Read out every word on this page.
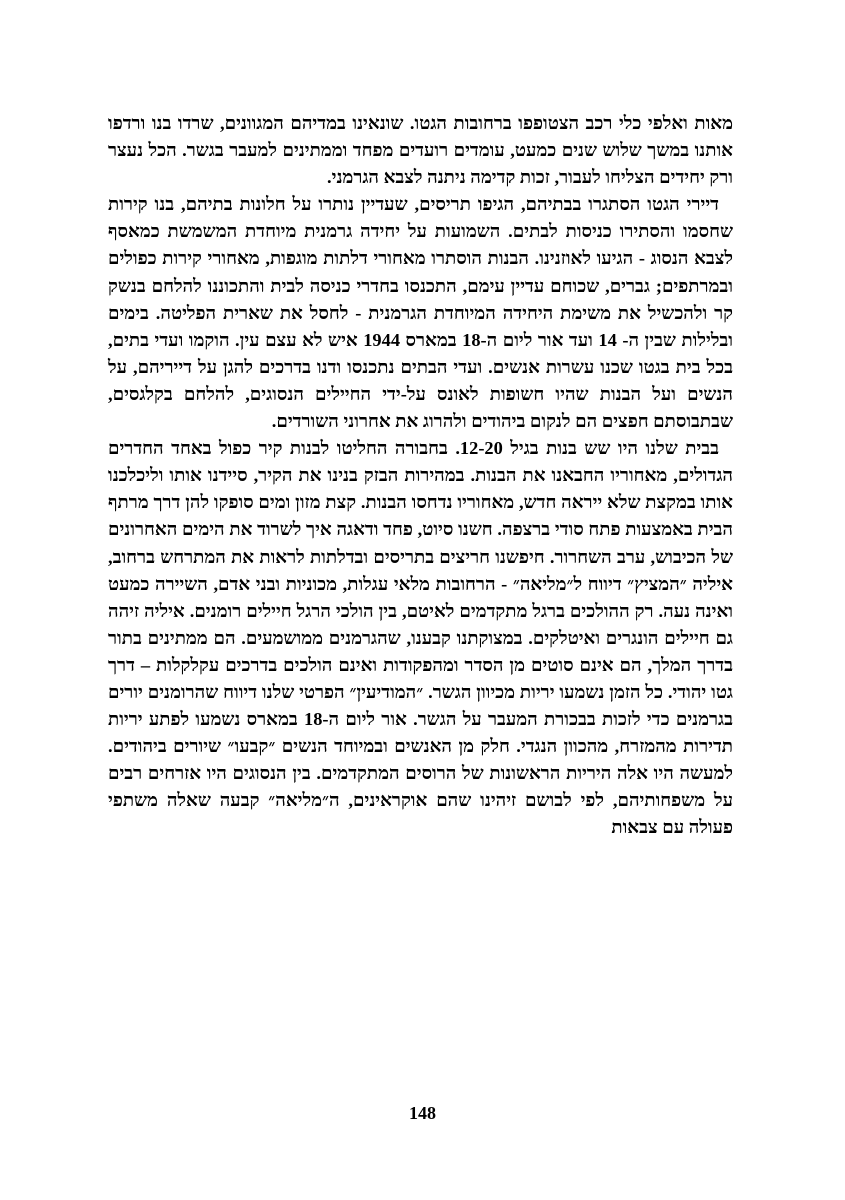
מאות ואלפי כלי רכב הצטופפו ברחובות הגטו. שונאינו במדיהם המגוונים, שרדו בנו ורדפו אותנו במשך שלוש שנים כמעט, עומדים רועדים מפחד וממתינים למעבר בגשר. הכל נעצר ורק יחידים הצליחו לעבור, זכות קדימה ניתנה לצבא הגרמני.

דיירי הגטו הסתגרו בבתיהם, הגיפו תריסים, שעדיין נותרו על חלונות בתיהם, בנו קירות שחסמו והסתירו כניסות לבתים. השמועות על יחידה גרמנית מיוחדת המשמשת כמאסף לצבא הנסוג - הגיעו לאוזנינו. הבנות הוסתרו מאחורי דלתות מוגפות, מאחורי קירות כפולים ובמרתפים; גברים, שכוחם עדיין עימם, התכנסו בחדרי כניסה לבית והתכוננו להלחם בנשק קר ולהכשיל את משימת היחידה המיוחדת הגרמנית - לחסל את שארית הפליטה. בימים ובלילות שבין ה- 14 ועד אור ליום ה-18 במארס 1944 איש לא עצם עין. הוקמו ועדי בתים, בכל בית בגטו שכנו עשרות אנשים. ועדי הבתים נתכנסו ודנו בדרכים להגן על דייריהם, על הנשים ועל הבנות שהיו חשופות לאונס על-ידי החיילים הנסוגים, להלחם בקלגסים, שבתבוסתם חפצים הם לנקום ביהודים ולהרוג את אחרוני השורדים.

בבית שלנו היו שש בנות בגיל 12-20. בחבורה החליטו לבנות קיר כפול באחד החדרים הגדולים, מאחוריו החבאנו את הבנות. במהירות הבזק בנינו את הקיר, סיידנו אותו וליכלכנו אותו במקצת שלא ייראה חדש, מאחוריו נדחסו הבנות. קצת מזון ומים סופקו להן דרך מרתף הבית באמצעות פתח סודי ברצפה. חשנו סיוט, פחד ודאגה איך לשרוד את הימים האחרונים של הכיבוש, ערב השחרור. חיפשנו חריצים בתריסים ובדלתות לראות את המתרחש ברחוב, איליה ״המציץ״ דיווח ל״מליאה״ - הרחובות מלאי עגלות, מכוניות ובני אדם, השיירה כמעט ואינה נעה. רק ההולכים ברגל מתקדמים לאיטם, בין הולכי הרגל חיילים רומנים. איליה זיהה גם חיילים הונגרים ואיטלקים. במצוקתנו קבענו, שהגרמנים ממושמעים. הם ממתינים בתור בדרך המלך, הם אינם סוטים מן הסדר ומהפקודות ואינם הולכים בדרכים עקלקלות – דרך גטו יהודי. כל הזמן נשמעו יריות מכיוון הגשר. ״המודיעין״ הפרטי שלנו דיווח שהרומנים יורים בגרמנים כדי לזכות בבכורת המעבר על הגשר. אור ליום ה-18 במארס נשמעו לפתע יריות תדירות מהמזרח, מהכוון הנגדי. חלק מן האנשים ובמיוחד הנשים ״קבעו״ שיורים ביהודים. למעשה היו אלה היריות הראשונות של הרוסים המתקדמים. בין הנסוגים היו אזרחים רבים על משפחותיהם, לפי לבושם זיהינו שהם אוקראינים, ה״מליאה״ קבעה שאלה משתפי פעולה עם צבאות

148
